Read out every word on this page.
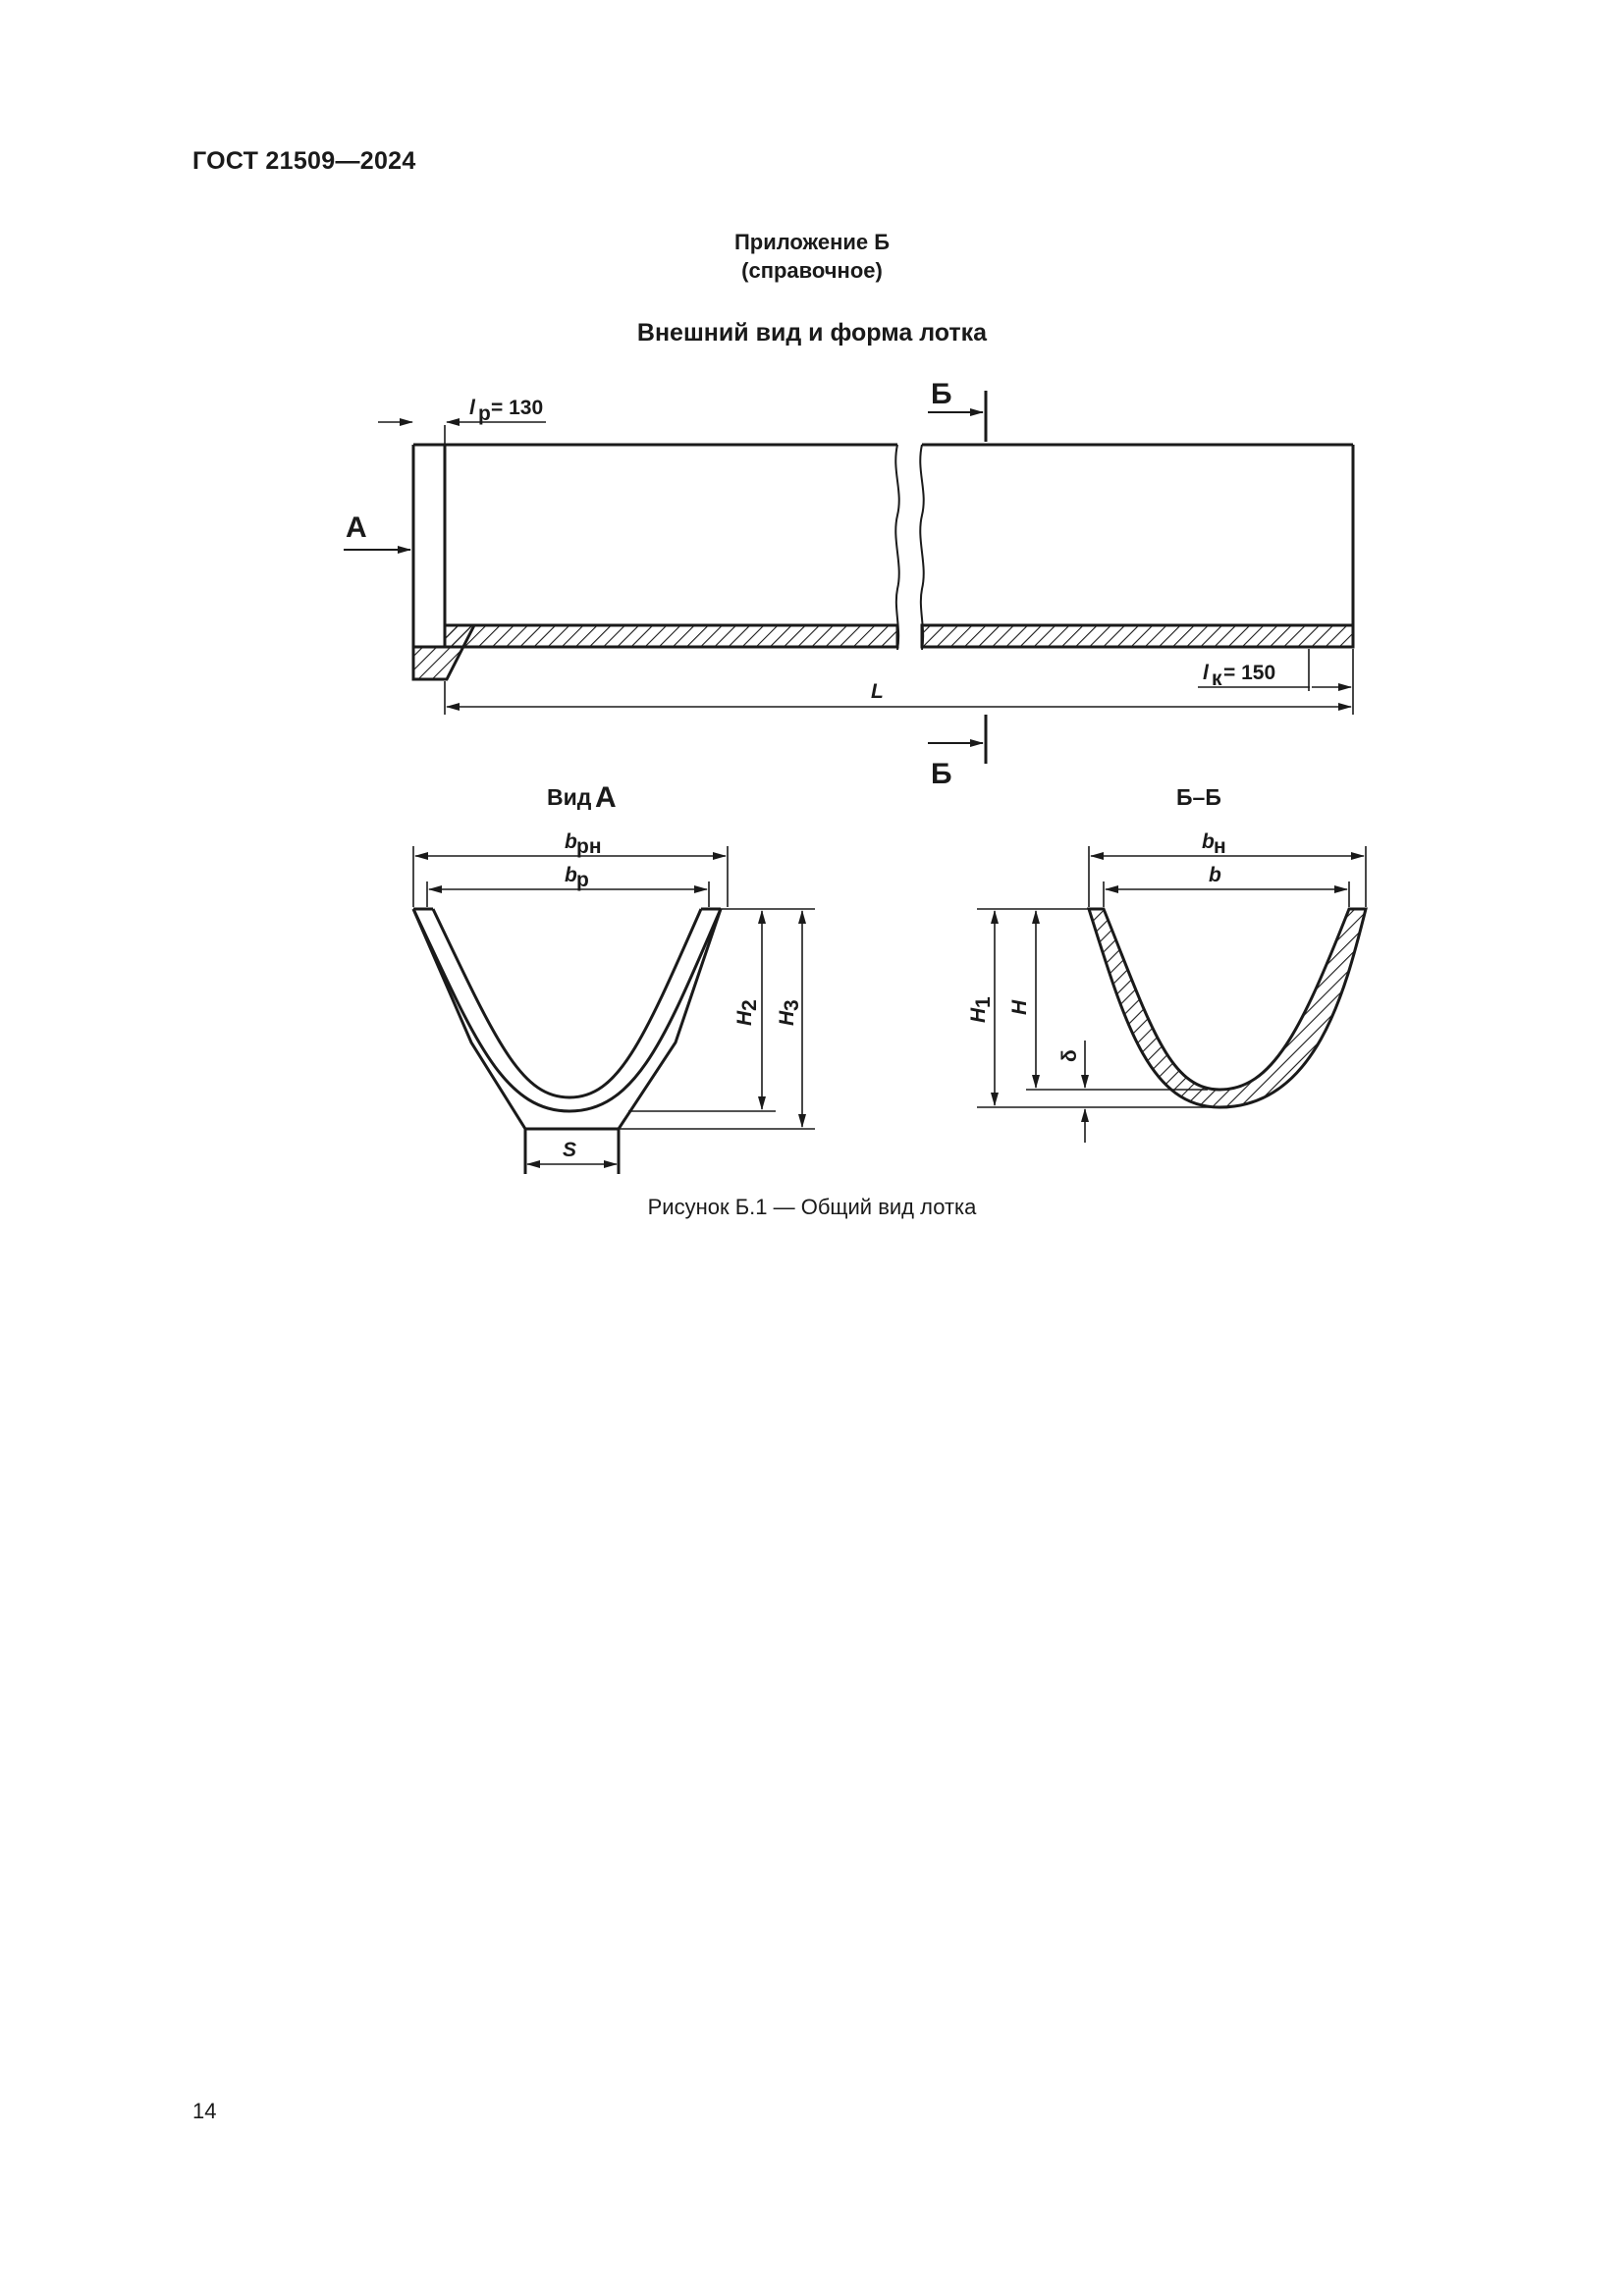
ГОСТ 21509—2024
Приложение Б
(справочное)
Внешний вид и форма лотка
l р = 130
А
Б
Б
l к = 150
L
Вид А
b рн
b р
H
2
H
3
S
Б–Б
b н
b
H
1 H
δ
Рисунок Б.1 — Общий вид лотка
14
